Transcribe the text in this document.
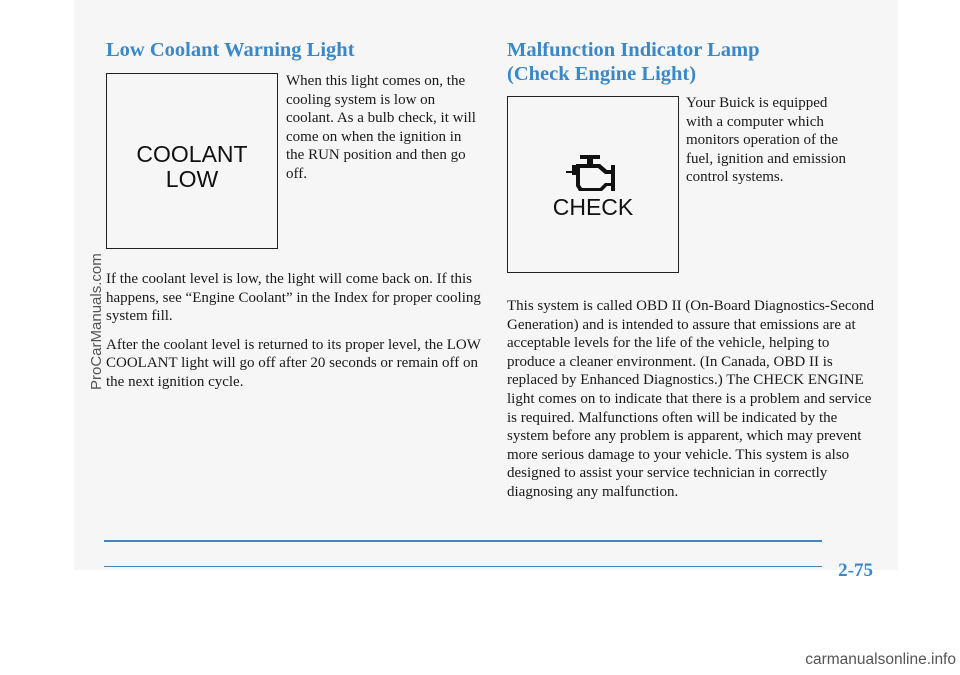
Low Coolant Warning Light
COOLANT
LOW
When this light comes on, the cooling system is low on coolant. As a bulb check, it will come on when the ignition in the RUN position and then go off.

If the coolant level is low, the light will come back on. If this happens, see “Engine Coolant” in the Index for proper cooling system fill.

After the coolant level is returned to its proper level, the LOW COOLANT light will go off after 20 seconds or remain off on the next ignition cycle.

Malfunction Indicator Lamp
(Check Engine Light)
CHECK
Your Buick is equipped with a computer which monitors operation of the fuel, ignition and emission control systems.
This system is called OBD II (On-Board Diagnostics-Second Generation) and is intended to assure that emissions are at acceptable levels for the life of the vehicle, helping to produce a cleaner environment. (In Canada, OBD II is replaced by Enhanced Diagnostics.) The CHECK ENGINE light comes on to indicate that there is a problem and service is required. Malfunctions often will be indicated by the system before any problem is apparent, which may prevent more serious damage to your vehicle. This system is also designed to assist your service technician in correctly diagnosing any malfunction.
ProCarManuals.com
2-75
carmanualsonline.info
